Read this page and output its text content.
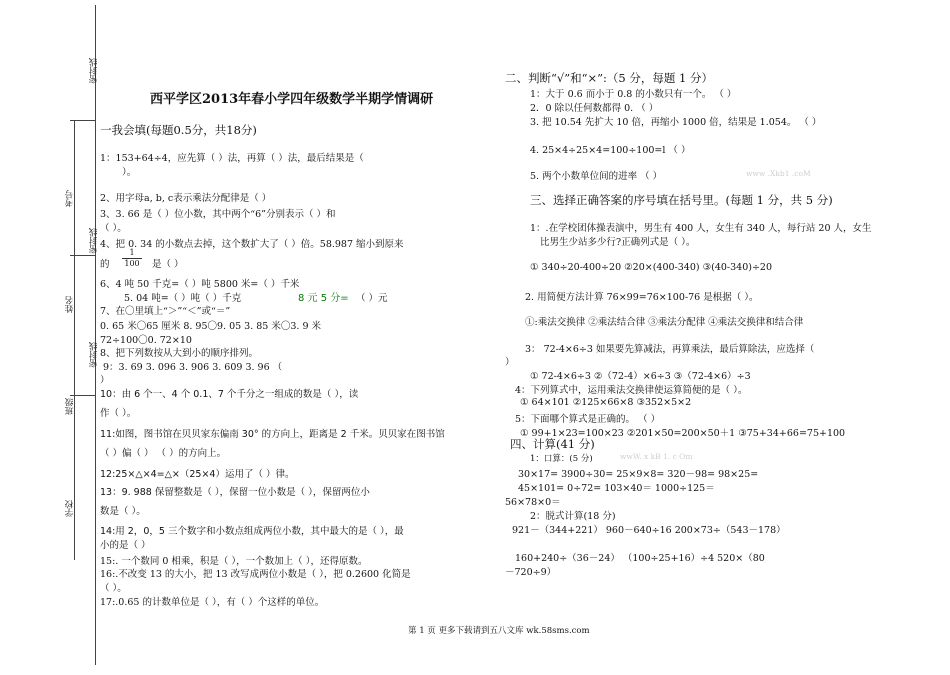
密封线
考号
密封线
姓名
密封线
班级
学校
西平学区2013年春小学四年级数学半期学情调研
一我会填(每题0.5分，共18分)
1：153+64÷4，应先算（ ）法，再算（ ）法，最后结果是（
）。
2、用字母a, b, c表示乘法分配律是（ ）
3、3. 66 是（ ）位小数，其中两个“6”分别表示（ ）和
（ ）。
4、把 0. 34 的小数点去掉，这个数扩大了（ ）倍。58.987 缩小到原来
的
1
100 是（ ）
6、4 吨 50 千克=（ ）吨 5800 米=（ ）千米
5. 04 吨=（ ）吨（ ）千克	8 元 5 分= （ ）元
7、在〇里填上“＞”“＜”或“＝”
0. 65 米〇65 厘米 8. 95〇9. 05 3. 85 米〇3. 9 米
72÷100〇0. 72×10
8、把下列数按从大到小的顺序排列。
9：3. 69 3. 096 3. 906 3. 609 3. 96 （
）
10：由 6 个一、4 个 0.1、7 个千分之一组成的数是（ ），读
作（ ）。
11:如图，图书馆在贝贝家东偏南 30° 的方向上，距离是 2 千米。贝贝家在图书馆
（ ）偏（ ） （ ）的方向上。
12:25×△×4=△×（25×4）运用了（ ）律。
13：9. 988 保留整数是（ ），保留一位小数是（ ），保留两位小
数是（ ）。
14:用 2，0，5 三个数字和小数点组成两位小数，其中最大的是（ ），最
小的是（ ）
15:. 一个数同 0 相乘，积是（ ），一个数加上（ ），还得原数。
16:.不改变 13 的大小，把 13 改写成两位小数是（ ），把 0.2600 化简是
（ ）。
17:.0.65 的计数单位是（ ），有（ ）个这样的单位。
二、判断“√”和“×”:（5 分，每题 1 分）
1：大于 0.6 而小于 0.8 的小数只有一个。 （ ）
2．0 除以任何数都得 0. （ ）
3. 把 10.54 先扩大 10 倍，再缩小 1000 倍，结果是 1.054。 （ ）
4. 25×4÷25×4=100÷100=l （ ）
5. 两个小数单位间的进率 （ ）	www .Xkb1 .coM
三、选择正确答案的序号填在括号里。(每题 1 分，共 5 分)
1：.在学校团体操表演中，男生有 400 人，女生有 340 人，每行站 20 人，女生
比男生少站多少行?正确列式是（ ）。
① 340÷20-400÷20 ②20×(400-340) ③(40-340)÷20
2. 用简便方法计算 76×99=76×100-76 是根据（ ）。
①:乘法交换律 ②乘法结合律 ③乘法分配律 ④乘法交换律和结合律
3： 72-4×6÷3 如果要先算减法，再算乘法，最后算除法，应选择（
）
① 72-4×6÷3 ②（72-4）×6÷3 ③（72-4×6）÷3
4：下列算式中，运用乘法交换律使运算简便的是（ ）。
① 64×101 ②125×66×8 ③352×5×2
5：下面哪个算式是正确的。 （ ）
① 99+1×23=100×23 ②201×50=200×50＋1 ③75+34+66=75+100
四、计算(41 分)
1：口算：(5 分)	wwW. x kB 1. c Om
30×17= 3900÷30= 25×9×8= 320－98= 98×25=
45×101= 0÷72= 103×40＝ 1000÷125＝
56×78×0＝
2：脱式计算(18 分)
921－（344+221） 960－640÷16 200×73÷（543－178）
160+240÷（36－24） （100÷25+16）÷4 520×（80
－720÷9）
第 1 页 更多下载请到五八文库 wk.58sms.com
